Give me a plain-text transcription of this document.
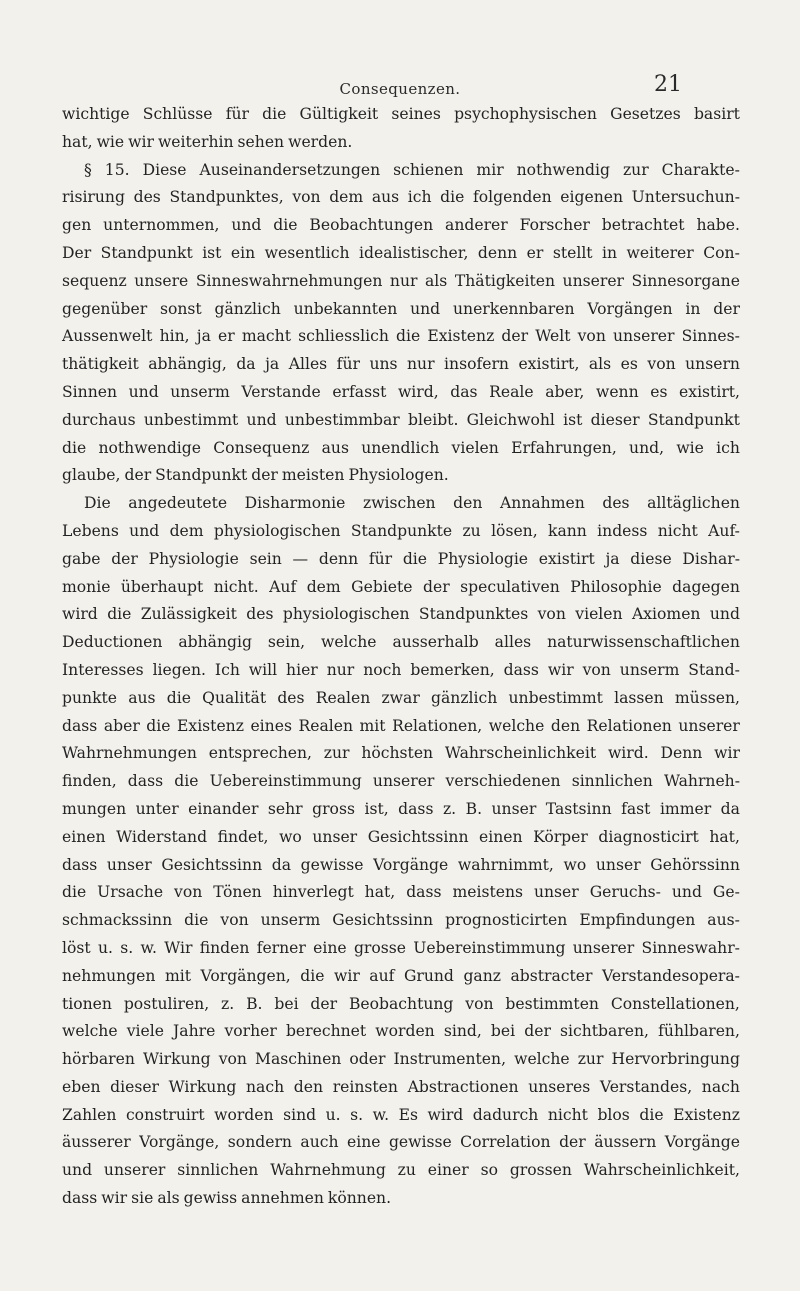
Consequenzen.	21
wichtige Schlüsse für die Gültigkeit seines psychophysischen Gesetzes basirt
hat, wie wir weiterhin sehen werden.
§ 15. Diese Auseinandersetzungen schienen mir nothwendig zur Charakte-
risirung des Standpunktes, von dem aus ich die folgenden eigenen Untersuchun-
gen unternommen, und die Beobachtungen anderer Forscher betrachtet habe.
Der Standpunkt ist ein wesentlich idealistischer, denn er stellt in weiterer Con-
sequenz unsere Sinneswahrnehmungen nur als Thätigkeiten unserer Sinnesorgane
gegenüber sonst gänzlich unbekannten und unerkennbaren Vorgängen in der
Aussenwelt hin, ja er macht schliesslich die Existenz der Welt von unserer Sinnes-
thätigkeit abhängig, da ja Alles für uns nur insofern existirt, als es von unsern
Sinnen und unserm Verstande erfasst wird, das Reale aber, wenn es existirt,
durchaus unbestimmt und unbestimmbar bleibt. Gleichwohl ist dieser Standpunkt
die nothwendige Consequenz aus unendlich vielen Erfahrungen, und, wie ich
glaube, der Standpunkt der meisten Physiologen.
Die angedeutete Disharmonie zwischen den Annahmen des alltäglichen
Lebens und dem physiologischen Standpunkte zu lösen, kann indess nicht Auf-
gabe der Physiologie sein — denn für die Physiologie existirt ja diese Dishar-
monie überhaupt nicht. Auf dem Gebiete der speculativen Philosophie dagegen
wird die Zulässigkeit des physiologischen Standpunktes von vielen Axiomen und
Deductionen abhängig sein, welche ausserhalb alles naturwissenschaftlichen
Interesses liegen. Ich will hier nur noch bemerken, dass wir von unserm Stand-
punkte aus die Qualität des Realen zwar gänzlich unbestimmt lassen müssen,
dass aber die Existenz eines Realen mit Relationen, welche den Relationen unserer
Wahrnehmungen entsprechen, zur höchsten Wahrscheinlichkeit wird. Denn wir
finden, dass die Uebereinstimmung unserer verschiedenen sinnlichen Wahrneh-
mungen unter einander sehr gross ist, dass z. B. unser Tastsinn fast immer da
einen Widerstand findet, wo unser Gesichtssinn einen Körper diagnosticirt hat,
dass unser Gesichtssinn da gewisse Vorgänge wahrnimmt, wo unser Gehörssinn
die Ursache von Tönen hinverlegt hat, dass meistens unser Geruchs- und Ge-
schmackssinn die von unserm Gesichtssinn prognosticirten Empfindungen aus-
löst u. s. w. Wir finden ferner eine grosse Uebereinstimmung unserer Sinneswahr-
nehmungen mit Vorgängen, die wir auf Grund ganz abstracter Verstandesopera-
tionen postuliren, z. B. bei der Beobachtung von bestimmten Constellationen,
welche viele Jahre vorher berechnet worden sind, bei der sichtbaren, fühlbaren,
hörbaren Wirkung von Maschinen oder Instrumenten, welche zur Hervorbringung
eben dieser Wirkung nach den reinsten Abstractionen unseres Verstandes, nach
Zahlen construirt worden sind u. s. w. Es wird dadurch nicht blos die Existenz
äusserer Vorgänge, sondern auch eine gewisse Correlation der äussern Vorgänge
und unserer sinnlichen Wahrnehmung zu einer so grossen Wahrscheinlichkeit,
dass wir sie als gewiss annehmen können.
